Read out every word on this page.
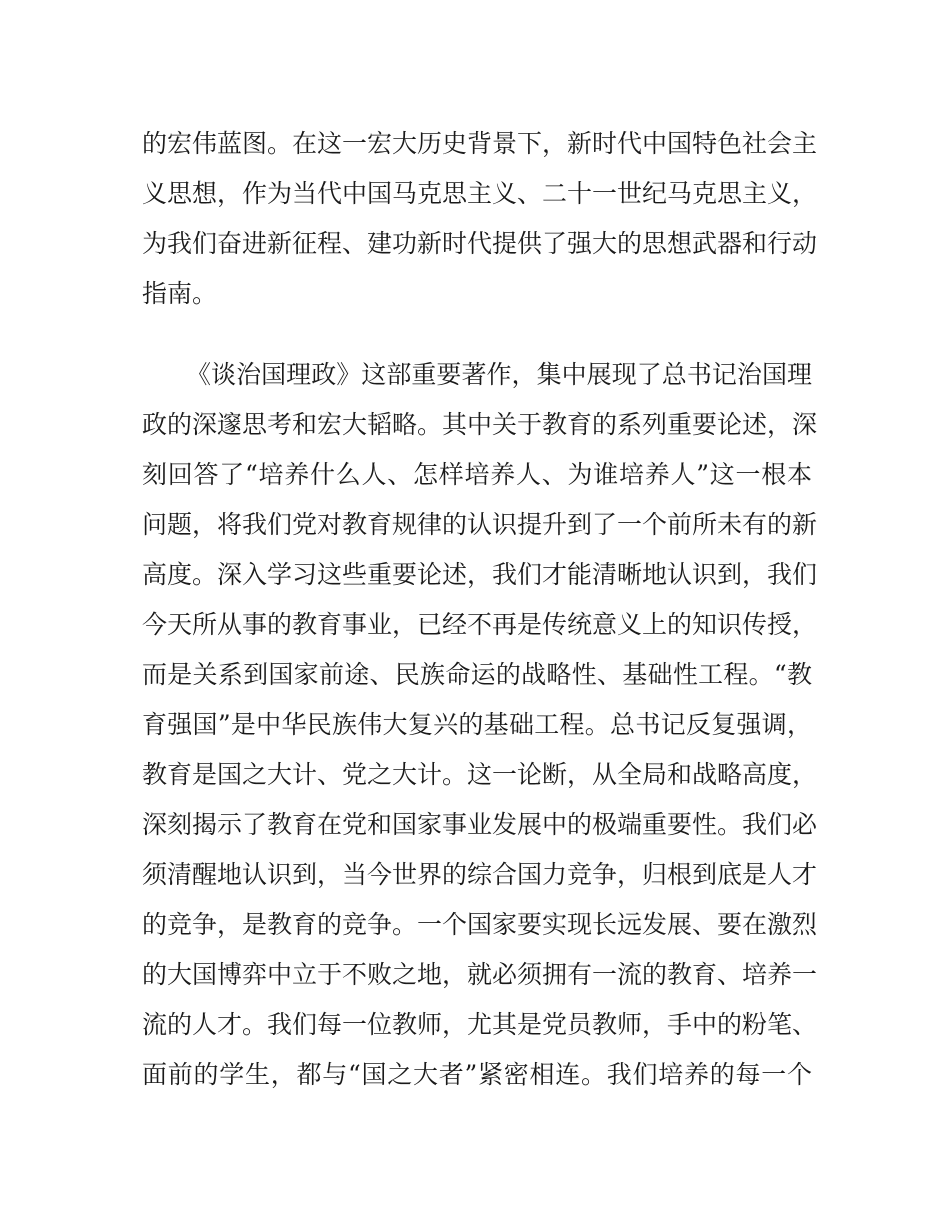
的宏伟蓝图。在这一宏大历史背景下，新时代中国特色社会主
义思想，作为当代中国马克思主义、二十一世纪马克思主义，
为我们奋进新征程、建功新时代提供了强大的思想武器和行动
指南。
《谈治国理政》这部重要著作，集中展现了总书记治国理
政的深邃思考和宏大韬略。其中关于教育的系列重要论述，深
刻回答了“培养什么人、怎样培养人、为谁培养人”这一根本
问题，将我们党对教育规律的认识提升到了一个前所未有的新
高度。深入学习这些重要论述，我们才能清晰地认识到，我们
今天所从事的教育事业，已经不再是传统意义上的知识传授，
而是关系到国家前途、民族命运的战略性、基础性工程。“教
育强国”是中华民族伟大复兴的基础工程。总书记反复强调，
教育是国之大计、党之大计。这一论断，从全局和战略高度，
深刻揭示了教育在党和国家事业发展中的极端重要性。我们必
须清醒地认识到，当今世界的综合国力竞争，归根到底是人才
的竞争，是教育的竞争。一个国家要实现长远发展、要在激烈
的大国博弈中立于不败之地，就必须拥有一流的教育、培养一
流的人才。我们每一位教师，尤其是党员教师，手中的粉笔、
面前的学生，都与“国之大者”紧密相连。我们培养的每一个
